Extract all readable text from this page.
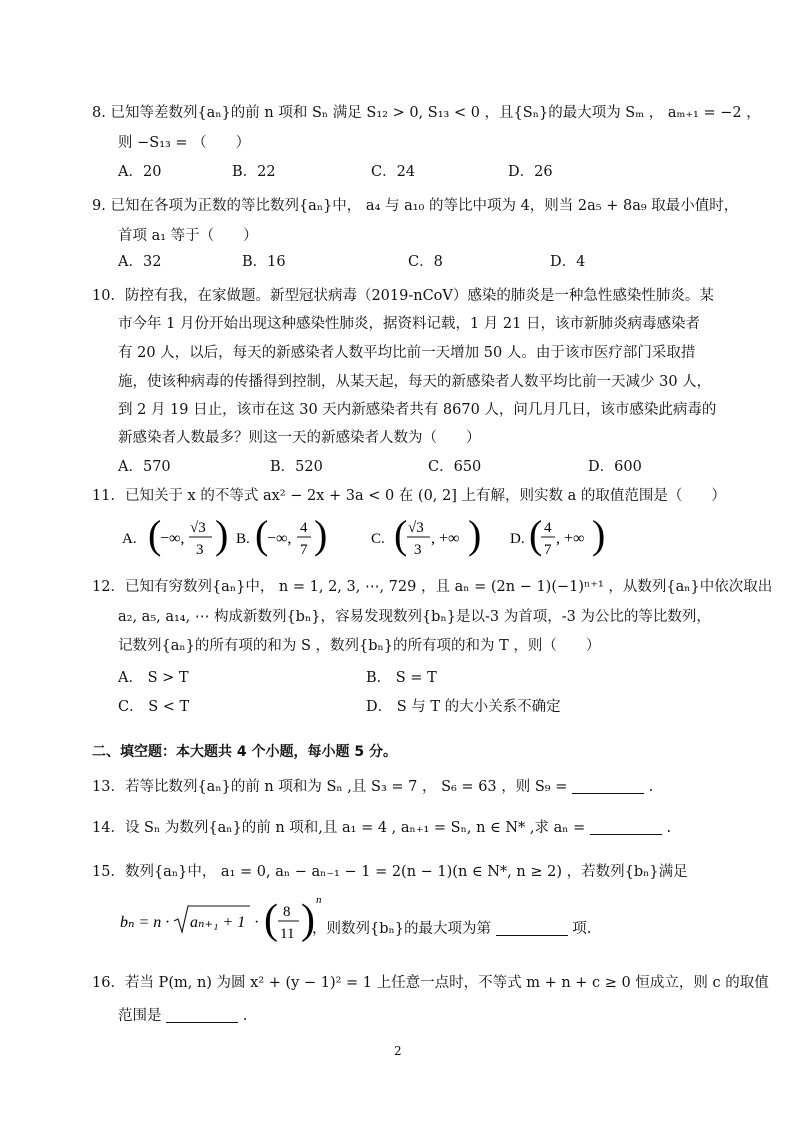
8. 已知等差数列{aₙ}的前 n 项和 Sₙ 满足 S₁₂ > 0, S₁₃ < 0 ，且{Sₙ}的最大项为 Sₘ ， aₘ₊₁ = −2 ，
则 −S₁₃ = （　　）
A．20	B．22	C．24	D．26
9. 已知在各项为正数的等比数列{aₙ}中， a₄ 与 a₁₀ 的等比中项为 4，则当 2a₅ + 8a₉ 取最小值时，
首项 a₁ 等于（　　）
A．32	B．16	C．8	D．4
10．防控有我，在家做题。新型冠状病毒（2019-nCoV）感染的肺炎是一种急性感染性肺炎。某
市今年 1 月份开始出现这种感染性肺炎，据资料记载，1 月 21 日，该市新肺炎病毒感染者
有 20 人，以后，每天的新感染者人数平均比前一天增加 50 人。由于该市医疗部门采取措
施，使该种病毒的传播得到控制，从某天起，每天的新感染者人数平均比前一天减少 30 人，
到 2 月 19 日止，该市在这 30 天内新感染者共有 8670 人，问几月几日，该市感染此病毒的
新感染者人数最多？则这一天的新感染者人数为（　　）
A．570	B．520	C．650	D．600
11．已知关于 x 的不等式 ax² − 2x + 3a < 0 在 (0, 2] 上有解，则实数 a 的取值范围是（　　）
A. (
−∞,
√3
3 ) B. (
−∞,
4
7 )	C. ( √3
3
, +∞ ) D. ( 4
7
, +∞ )
12．已知有穷数列{aₙ}中， n = 1, 2, 3, ⋯, 729 ，且 aₙ = (2n − 1)(−1)ⁿ⁺¹ ，从数列{aₙ}中依次取出
a₂, a₅, a₁₄, ⋯ 构成新数列{bₙ}，容易发现数列{bₙ}是以-3 为首项，-3 为公比的等比数列，
记数列{aₙ}的所有项的和为 S ，数列{bₙ}的所有项的和为 T ，则（　　）
A． S > T	B． S = T
C． S < T	D． S 与 T 的大小关系不确定
二、填空题：本大题共 4 个小题，每小题 5 分。
13．若等比数列{aₙ}的前 n 项和为 Sₙ ,且 S₃ = 7 ， S₆ = 63 ，则 S₉ =	.
14．设 Sₙ 为数列{aₙ}的前 n 项和,且 a₁ = 4 , aₙ₊₁ = Sₙ, n ∈ N* ,求 aₙ =	.
15．数列{aₙ}中， a₁ = 0, aₙ − aₙ₋₁ − 1 = 2(n − 1)(n ∈ N*, n ≥ 2) ，若数列{bₙ}满足
bₙ = n · aₙ₊₁ + 1 · ( 8
11 ) n
，则数列{bₙ}的最大项为第	项.
16．若当 P(m, n) 为圆 x² + (y − 1)² = 1 上任意一点时，不等式 m + n + c ≥ 0 恒成立，则 c 的取值
范围是	.
2
